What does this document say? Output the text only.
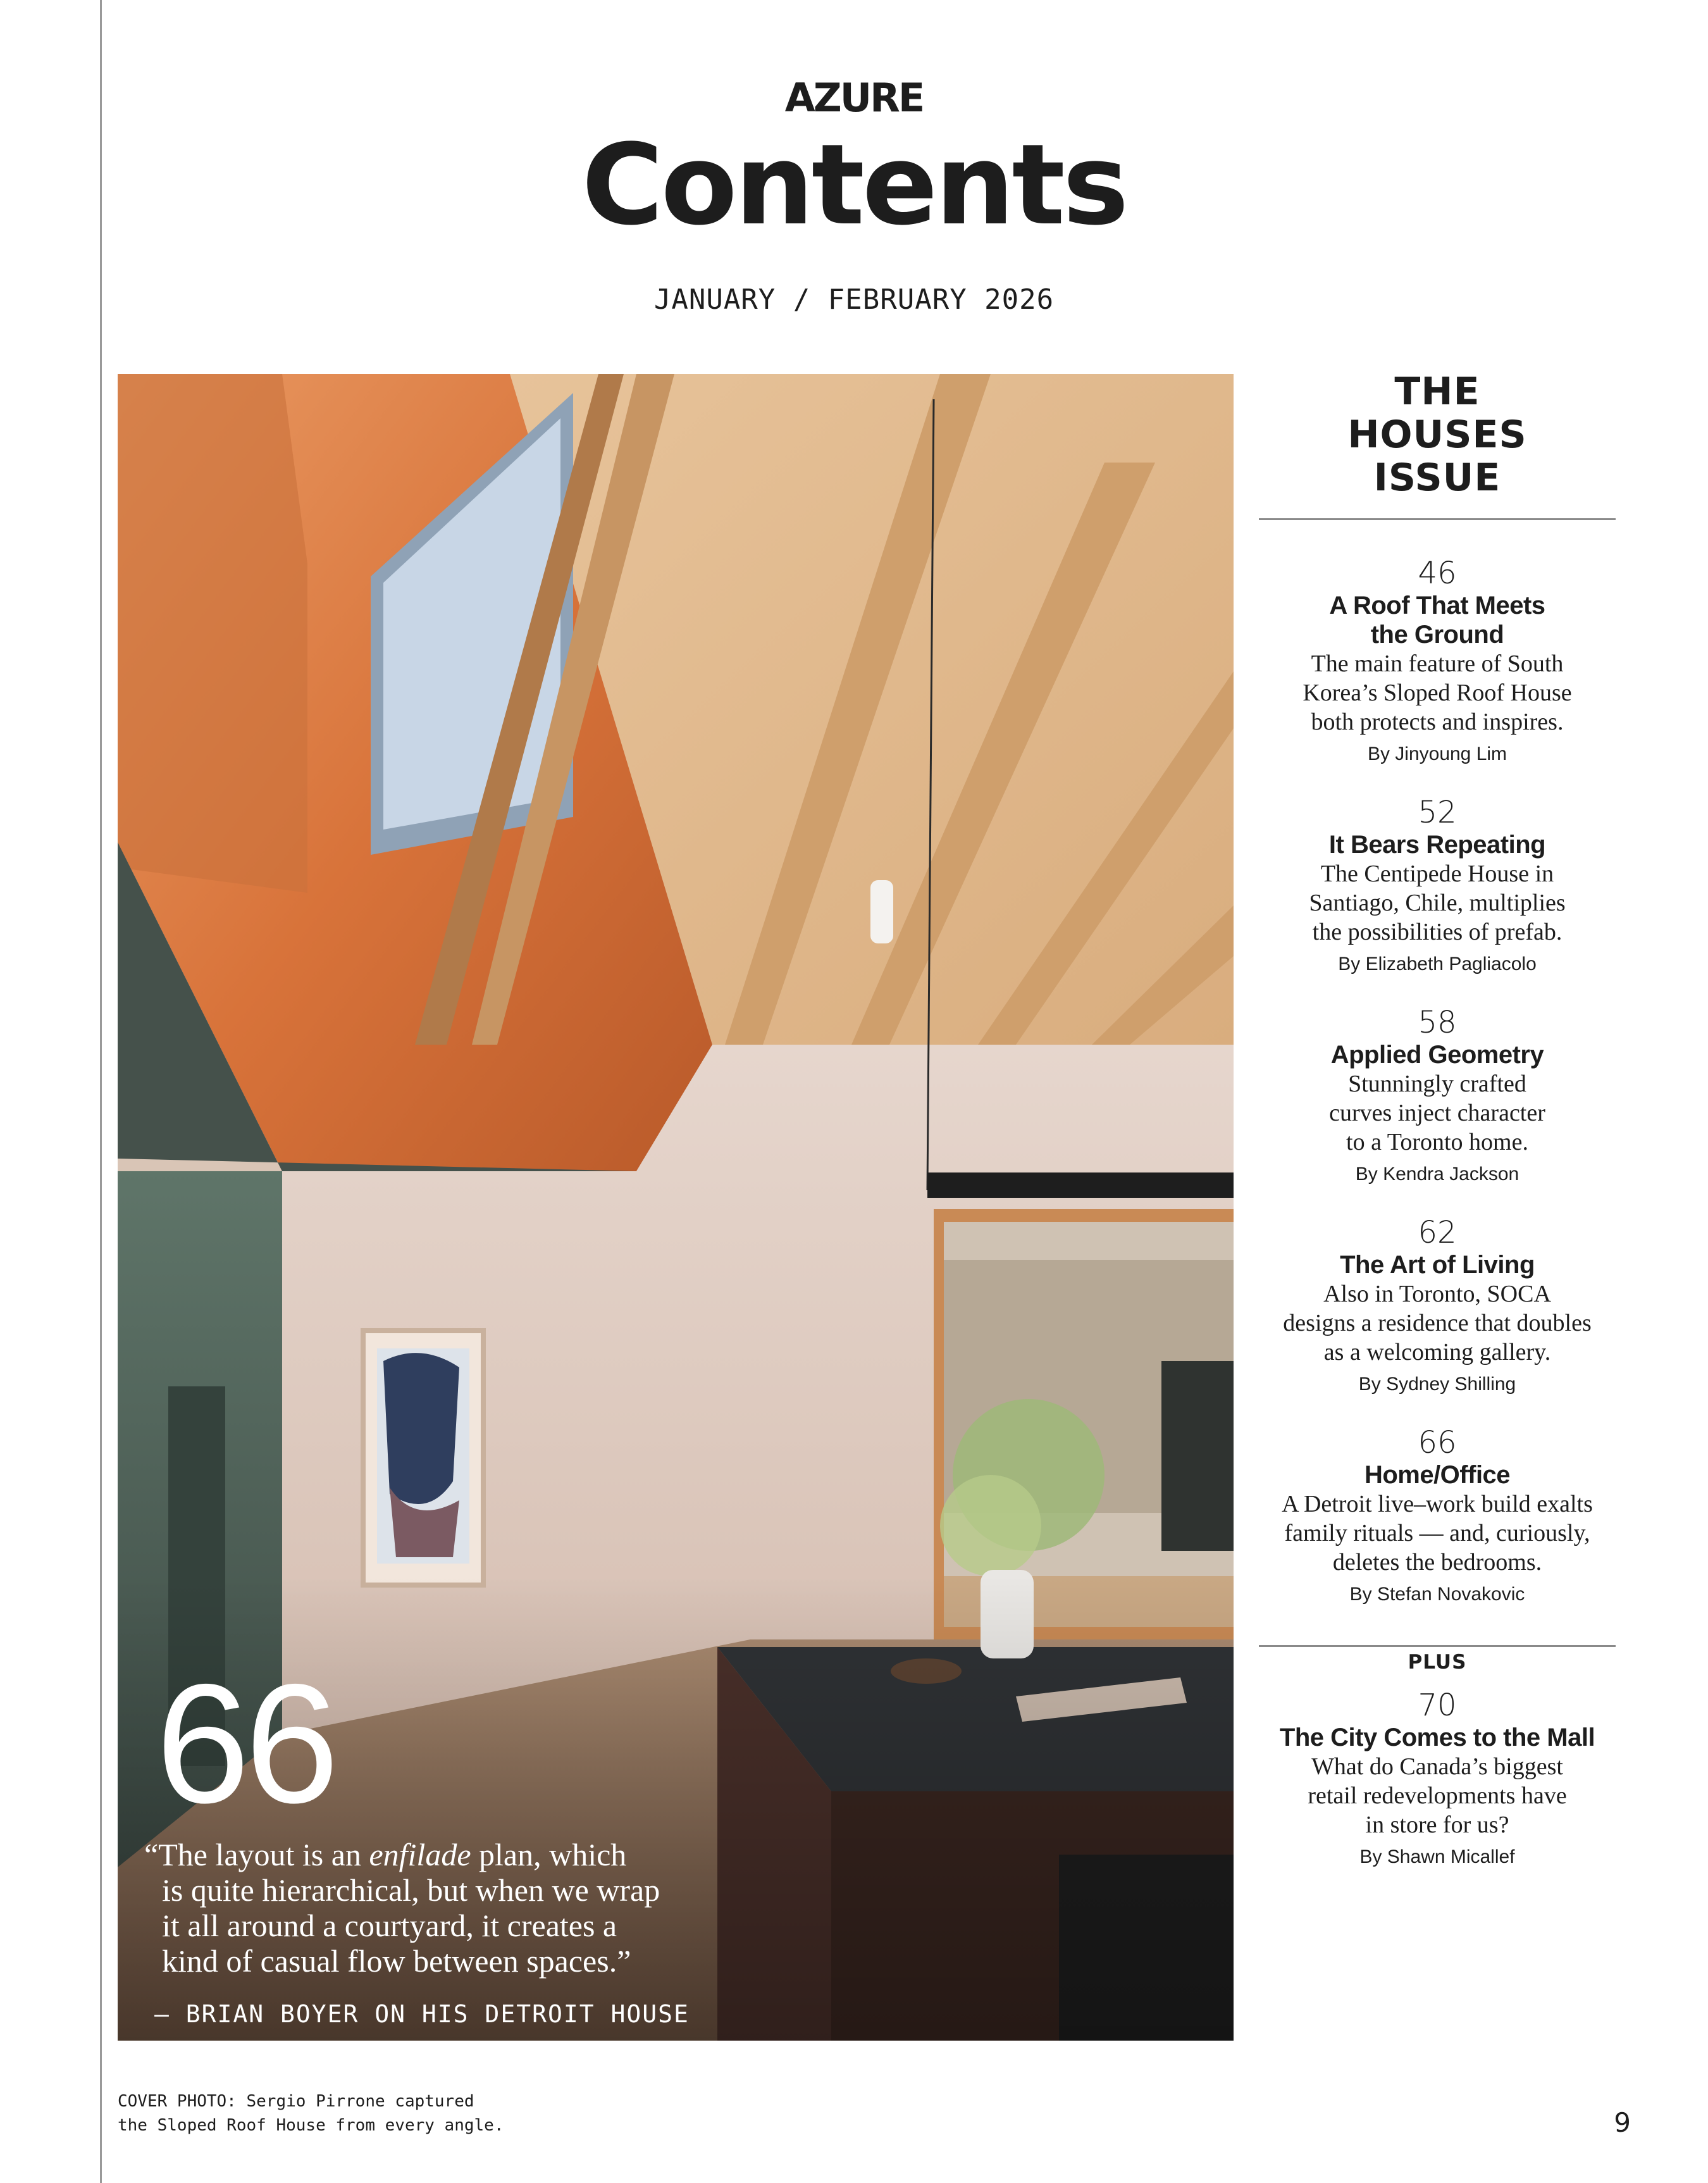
AZURE
Contents
JANUARY / FEBRUARY 2026
66
“The layout is an enfilade plan, which
is quite hierarchical, but when we wrap
it all around a courtyard, it creates a
kind of casual flow between spaces.”
— BRIAN BOYER ON HIS DETROIT HOUSE
THE
HOUSES
ISSUE
46
A Roof That Meets
the Ground
The main feature of South
Korea’s Sloped Roof House
both protects and inspires.
By Jinyoung Lim
52
It Bears Repeating
The Centipede House in
Santiago, Chile, multiplies
the possibilities of prefab.
By Elizabeth Pagliacolo
58
Applied Geometry
Stunningly crafted
curves inject character
to a Toronto home.
By Kendra Jackson
62
The Art of Living
Also in Toronto, SOCA
designs a residence that doubles
as a welcoming gallery.
By Sydney Shilling
66
Home/Office
A Detroit live–work build exalts
family rituals — and, curiously,
deletes the bedrooms.
By Stefan Novakovic
PLUS
70
The City Comes to the Mall
What do Canada’s biggest
retail redevelopments have
in store for us?
By Shawn Micallef
COVER PHOTO: Sergio Pirrone captured
the Sloped Roof House from every angle.	9
